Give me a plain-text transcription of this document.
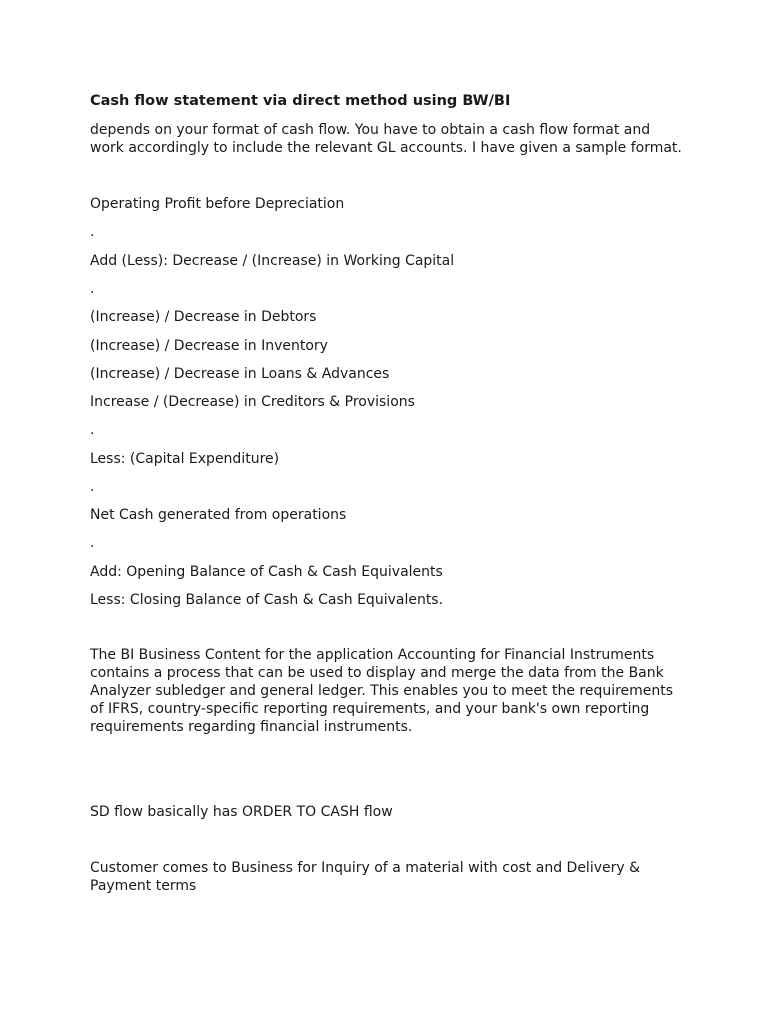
Cash flow statement via direct method using BW/BI

depends on your format of cash flow. You have to obtain a cash flow format and

work accordingly to include the relevant GL accounts. I have given a sample format.

Operating Profit before Depreciation

.

Add (Less): Decrease / (Increase) in Working Capital

.

(Increase) / Decrease in Debtors

(Increase) / Decrease in Inventory

(Increase) / Decrease in Loans & Advances

Increase / (Decrease) in Creditors & Provisions

.

Less: (Capital Expenditure)

.

Net Cash generated from operations

.

Add: Opening Balance of Cash & Cash Equivalents

Less: Closing Balance of Cash & Cash Equivalents.

The BI Business Content for the application Accounting for Financial Instruments

contains a process that can be used to display and merge the data from the Bank

Analyzer subledger and general ledger. This enables you to meet the requirements

of IFRS, country-specific reporting requirements, and your bank's own reporting

requirements regarding financial instruments.

SD flow basically has ORDER TO CASH flow

Customer comes to Business for Inquiry of a material with cost and Delivery &

Payment terms
